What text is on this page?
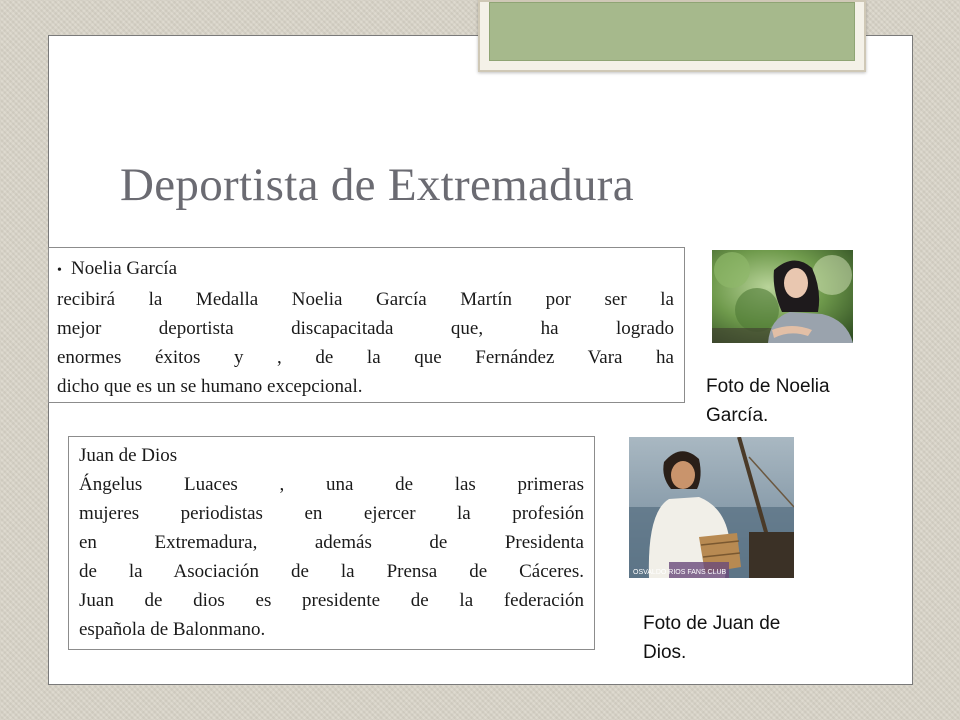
Deportista de Extremadura
• Noelia García
recibirá la Medalla Noelia García Martín por ser la
mejor deportista discapacitada que, ha logrado
enormes éxitos y , de la que Fernández Vara ha
dicho que es un se humano excepcional.
Juan de Dios
Ángelus Luaces , una de las primeras
mujeres periodistas en ejercer la profesión
en Extremadura, además de Presidenta
de la Asociación de la Prensa de Cáceres.
Juan de dios es presidente de la federación
española de Balonmano.
Foto de Noelia
García.
OSVALDO RIOS FANS CLUB
Foto de Juan de
Dios.
